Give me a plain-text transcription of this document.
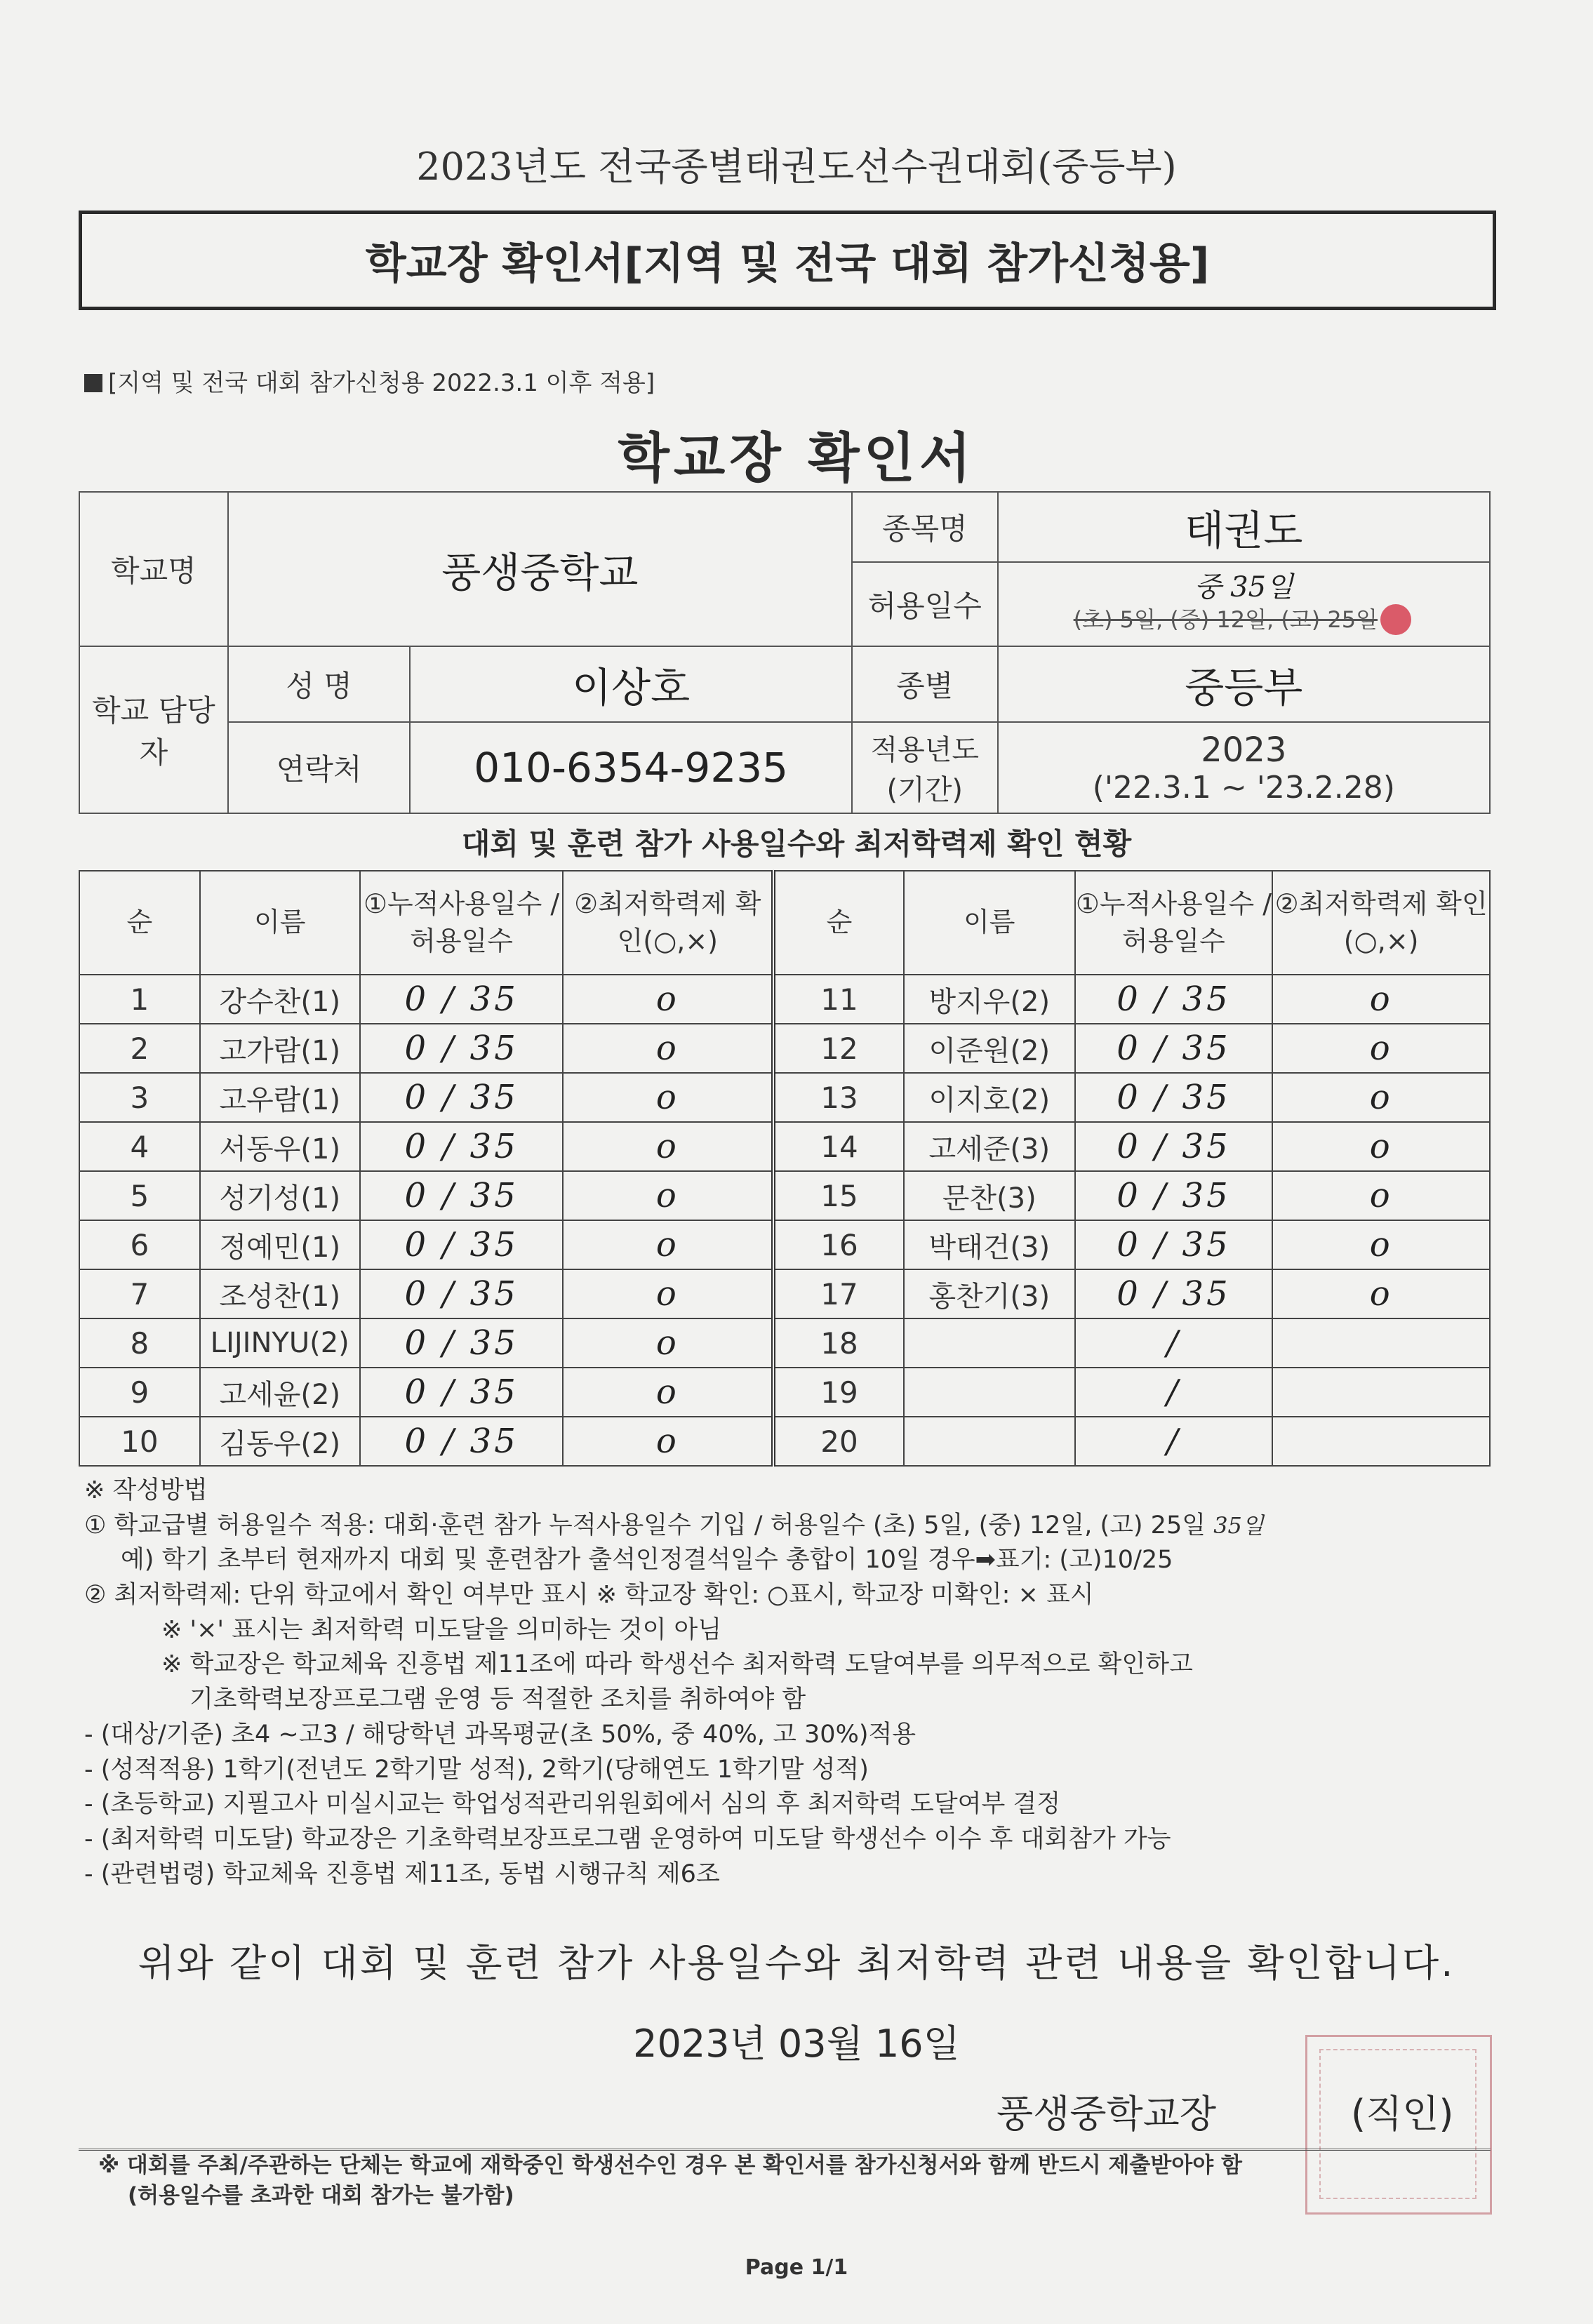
2023년도 전국종별태권도선수권대회(중등부)
학교장 확인서[지역 및 전국 대회 참가신청용]
[지역 및 전국 대회 참가신청용 2022.3.1 이후 적용]
학교장 확인서
학교명	풍생중학교		종목명	태권도
			허용일수	중 35일
(초) 5일, (중) 12일, (고) 25일

학교 담당자	성 명	이상호	종별	중등부
	연락처	010-6354-9235	적용년도 (기간)	2023
('22.3.1 ~ '23.2.28)
대회 및 훈련 참가 사용일수와 최저학력제 확인 현황
순	이름	①누적사용일수 /허용일수	②최저학력제 확인(○,×)	순	이름	①누적사용일수 /허용일수	②최저학력제 확인(○,×)
1	강수찬(1)	0 / 35	o	11	방지우(2)	0 / 35	o
2	고가람(1)	0 / 35	o	12	이준원(2)	0 / 35	o
3	고우람(1)	0 / 35	o	13	이지호(2)	0 / 35	o
4	서동우(1)	0 / 35	o	14	고세준(3)	0 / 35	o
5	성기성(1)	0 / 35	o	15	문찬(3)	0 / 35	o
6	정예민(1)	0 / 35	o	16	박태건(3)	0 / 35	o
7	조성찬(1)	0 / 35	o	17	홍찬기(3)	0 / 35	o
8	LIJINYU(2)	0 / 35	o	18		/	
9	고세윤(2)	0 / 35	o	19		/	
10	김동우(2)	0 / 35	o	20		/	

※ 작성방법

① 학교급별 허용일수 적용: 대회·훈련 참가 누적사용일수 기입 / 허용일수 (초) 5일, (중) 12일, (고) 25일 35일

예) 학기 초부터 현재까지 대회 및 훈련참가 출석인정결석일수 총합이 10일 경우➡표기: (고)10/25

② 최저학력제: 단위 학교에서 확인 여부만 표시 ※ 학교장 확인: ○표시, 학교장 미확인: × 표시

※ '×' 표시는 최저학력 미도달을 의미하는 것이 아님

※ 학교장은 학교체육 진흥법 제11조에 따라 학생선수 최저학력 도달여부를 의무적으로 확인하고

기초학력보장프로그램 운영 등 적절한 조치를 취하여야 함

- (대상/기준) 초4 ~고3 / 해당학년 과목평균(초 50%, 중 40%, 고 30%)적용

- (성적적용) 1학기(전년도 2학기말 성적), 2학기(당해연도 1학기말 성적)

- (초등학교) 지필고사 미실시교는 학업성적관리위원회에서 심의 후 최저학력 도달여부 결정

- (최저학력 미도달) 학교장은 기초학력보장프로그램 운영하여 미도달 학생선수 이수 후 대회참가 가능

- (관련법령) 학교체육 진흥법 제11조, 동법 시행규칙 제6조

위와 같이 대회 및 훈련 참가 사용일수와 최저학력 관련 내용을 확인합니다.
2023년 03월 16일
풍생중학교장	(직인)

※ 대회를 주최/주관하는 단체는 학교에 재학중인 학생선수인 경우 본 확인서를 참가신청서와 함께 반드시 제출받아야 함

(허용일수를 초과한 대회 참가는 불가함)

Page 1/1
